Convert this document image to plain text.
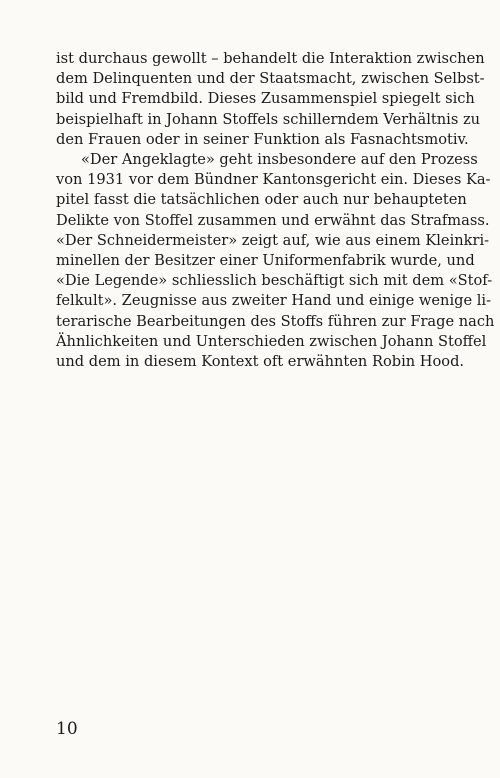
ist durchaus gewollt – behandelt die Interaktion zwischen
dem Delinquenten und der Staatsmacht, zwischen Selbst-
bild und Fremdbild. Dieses Zusammenspiel spiegelt sich
beispielhaft in Johann Stoffels schillerndem Verhältnis zu
den Frauen oder in seiner Funktion als Fasnachtsmotiv.
«Der Angeklagte» geht insbesondere auf den Prozess
von 1931 vor dem Bündner Kantonsgericht ein. Dieses Ka-
pitel fasst die tatsächlichen oder auch nur behaupteten
Delikte von Stoffel zusammen und erwähnt das Strafmass.
«Der Schneidermeister» zeigt auf, wie aus einem Kleinkri-
minellen der Besitzer einer Uniformenfabrik wurde, und
«Die Legende» schliesslich beschäftigt sich mit dem «Stof-
felkult». Zeugnisse aus zweiter Hand und einige wenige li-
terarische Bearbeitungen des Stoffs führen zur Frage nach
Ähnlichkeiten und Unterschieden zwischen Johann Stoffel
und dem in diesem Kontext oft erwähnten Robin Hood.
10
